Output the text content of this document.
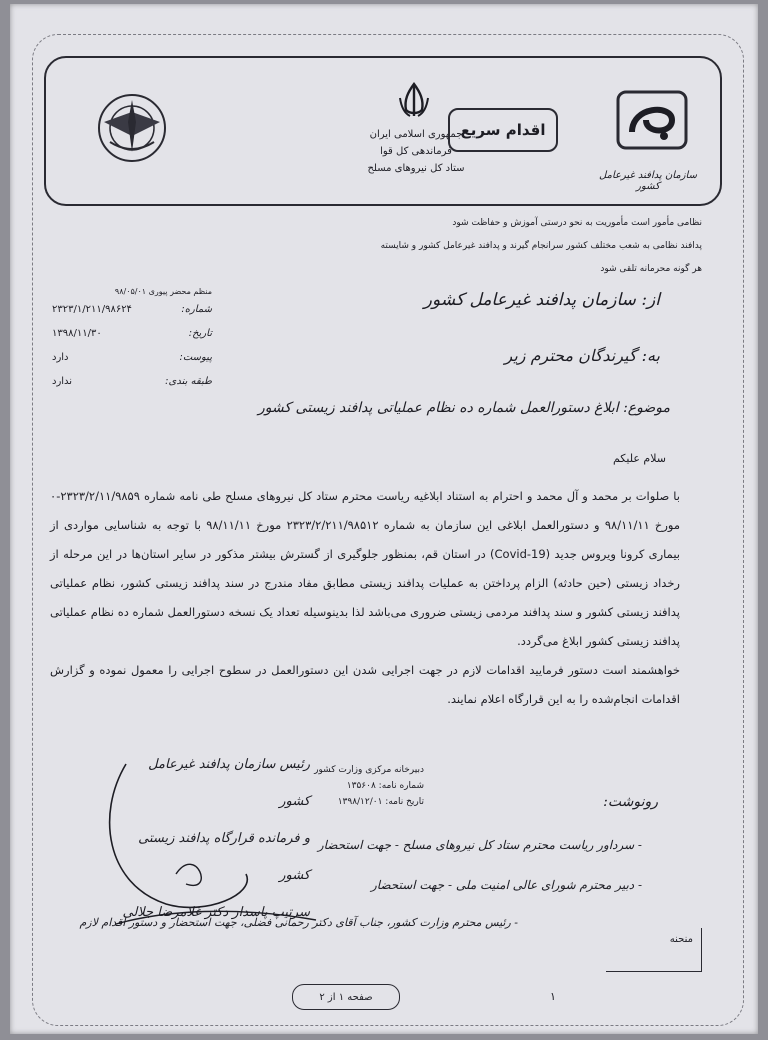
جمهوری اسلامی ایران
فرماندهی کل قوا
ستاد کل نیروهای مسلح
اقدام سریع
سازمان پدافند غیرعامل کشور

نظامی مأمور است مأموریت به نحو درستی آموزش و حفاظت شود

پدافند نظامی به شعب مختلف کشور سرانجام گیرند و پدافند غیرعامل کشور و شایسته

هر گونه محرمانه تلقی شود

از: سازمان پدافند غیرعامل کشور
منظم محضر پیوری ۹۸/۰۵/۰۱
شماره:
۲۳۲۳/۱/۲۱۱/۹۸۶۲۴
تاریخ:
۱۳۹۸/۱۱/۳۰
پیوست:
دارد
طبقه بندی:
ندارد
به: گیرندگان محترم زیر
موضوع: ابلاغ دستورالعمل شماره ده نظام عملیاتی پدافند زیستی کشور
سلام علیکم

با صلوات بر محمد و آل محمد و احترام به استناد ابلاغیه ریاست محترم ستاد کل نیروهای مسلح طی نامه شماره ۲۳۲۳/۲/۱۱/۹۸۵۹-۰ مورخ ۹۸/۱۱/۱۱ و دستورالعمل ابلاغی این سازمان به شماره ۲۳۲۳/۲/۲۱۱/۹۸۵۱۲ مورخ ۹۸/۱۱/۱۱ با توجه به شناسایی مواردی از بیماری کرونا ویروس جدید (Covid-19) در استان قم، بمنظور جلوگیری از گسترش بیشتر مذکور در سایر استان‌ها در این مرحله از رخداد زیستی (حین حادثه) الزام پرداختن به عملیات پدافند زیستی مطابق مفاد مندرج در سند پدافند زیستی کشور، نظام عملیاتی پدافند زیستی کشور و سند پدافند مردمی زیستی ضروری می‌باشد لذا بدینوسیله تعداد یک نسخه دستورالعمل شماره ده نظام عملیاتی پدافند زیستی کشور ابلاغ می‌گردد.

خواهشمند است دستور فرمایید اقدامات لازم در جهت اجرایی شدن این دستورالعمل در سطوح اجرایی را معمول نموده و گزارش اقدامات انجام‌شده را به این قرارگاه اعلام نمایند.

دبیرخانه مرکزی وزارت کشور
شماره نامه: ۱۳۵۶۰۸
تاریخ نامه: ۱۳۹۸/۱۲/۰۱
رئیس سازمان پدافند غیرعامل کشور
و فرمانده قرارگاه پدافند زیستی کشور
سرتیپ پاسدار دکتر غلامرضا جلالی
رونوشت:
- سرداور ریاست محترم ستاد کل نیروهای مسلح - جهت استحضار
- دبیر محترم شورای عالی امنیت ملی - جهت استحضار
- رئیس محترم وزارت کشور، جناب آقای دکتر رحمانی فضلی، جهت استحضار و دستور اقدام لازم
منحنه
۱
صفحه ۱ از ۲
